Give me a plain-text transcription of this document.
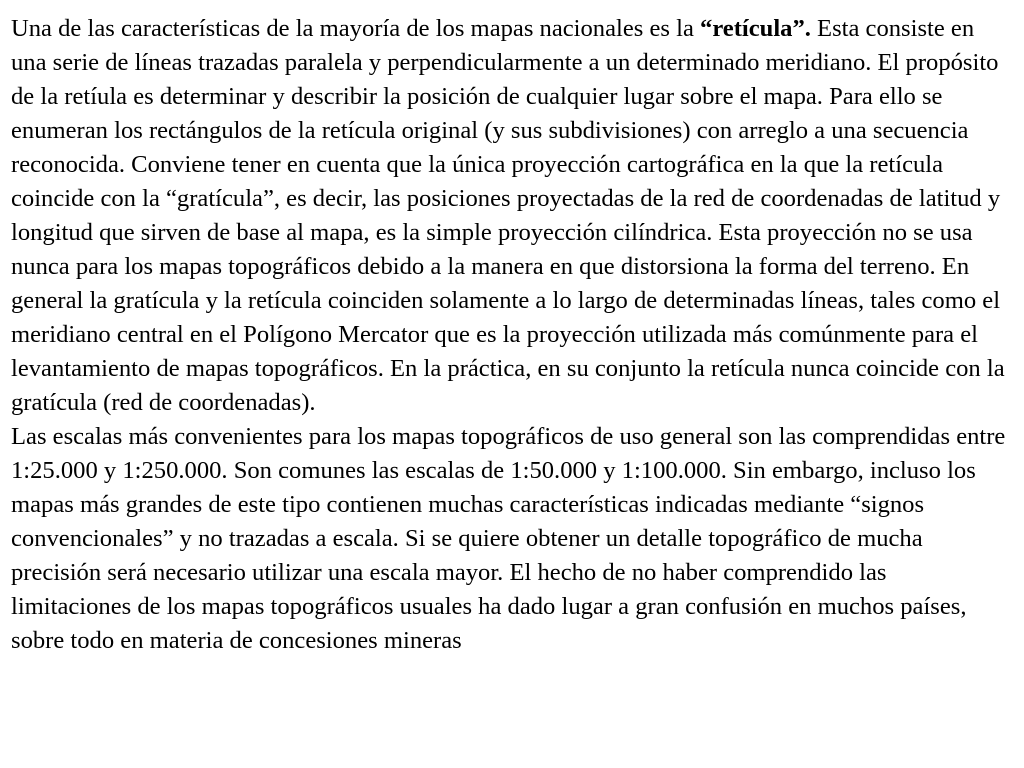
Una de las características de la mayoría de los mapas nacionales es la “retícula”. Esta consiste en una serie de líneas trazadas paralela y perpendicularmente a un determinado meridiano. El propósito de la retíula es determinar y describir la posición de cualquier lugar sobre el mapa. Para ello se enumeran los rectángulos de la retícula original (y sus subdivisiones) con arreglo a una secuencia reconocida. Conviene tener en cuenta que la única proyección cartográfica en la que la retícula coincide con la “gratícula”, es decir, las posiciones proyectadas de la red de coordenadas de latitud y longitud que sirven de base al mapa, es la simple proyección cilíndrica. Esta proyección no se usa nunca para los mapas topográficos debido a la manera en que distorsiona la forma del terreno. En general la gratícula y la retícula coinciden solamente a lo largo de determinadas líneas, tales como el meridiano central en el Polígono Mercator que es la proyección utilizada más comúnmente para el levantamiento de mapas topográficos. En la práctica, en su conjunto la retícula nunca coincide con la gratícula (red de coordenadas).

Las escalas más convenientes para los mapas topográficos de uso general son las comprendidas entre 1:25.000 y 1:250.000. Son comunes las escalas de 1:50.000 y 1:100.000. Sin embargo, incluso los mapas más grandes de este tipo contienen muchas características indicadas mediante “signos convencionales” y no trazadas a escala. Si se quiere obtener un detalle topográfico de mucha precisión será necesario utilizar una escala mayor. El hecho de no haber comprendido las limitaciones de los mapas topográficos usuales ha dado lugar a gran confusión en muchos países, sobre todo en materia de concesiones mineras
